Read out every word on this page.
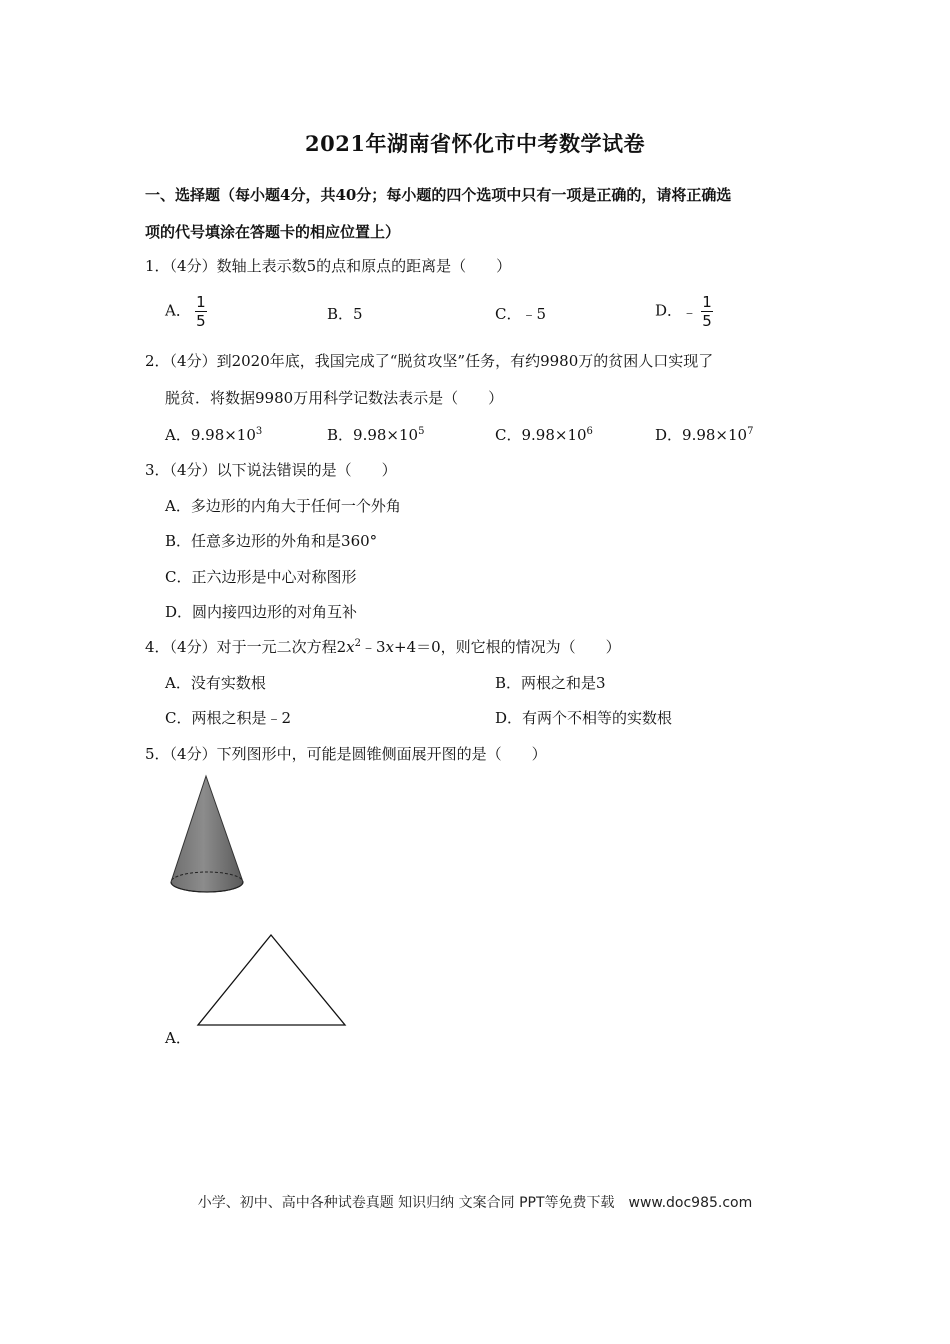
2021年湖南省怀化市中考数学试卷
一、选择题（每小题4分，共40分；每小题的四个选项中只有一项是正确的，请将正确选
项的代号填涂在答题卡的相应位置上）
1．（4分）数轴上表示数5的点和原点的距离是（　　）
A． $\frac{1}{5}$	B．5	C．﹣5	D．﹣ $\frac{1}{5}$
2．（4分）到2020年底，我国完成了“脱贫攻坚”任务，有约9980万的贫困人口实现了
脱贫．将数据9980万用科学记数法表示是（　　）
A．$9.98\times 10^3$	B．$9.98\times 10^5$	C．$9.98\times 10^6$	D．$9.98\times 10^7$
3．（4分）以下说法错误的是（　　）
A．多边形的内角大于任何一个外角
B．任意多边形的外角和是360°
C．正六边形是中心对称图形
D．圆内接四边形的对角互补
4．（4分）对于一元二次方程$2x^2﹣3x+4=0$，则它根的情况为（　　）
A．没有实数根	B．两根之和是3
C．两根之积是﹣2	D．有两个不相等的实数根
5．（4分）下列图形中，可能是圆锥侧面展开图的是（　　）
A．
小学、初中、高中各种试卷真题 知识归纳 文案合同 PPT等免费下载　www.doc985.com
